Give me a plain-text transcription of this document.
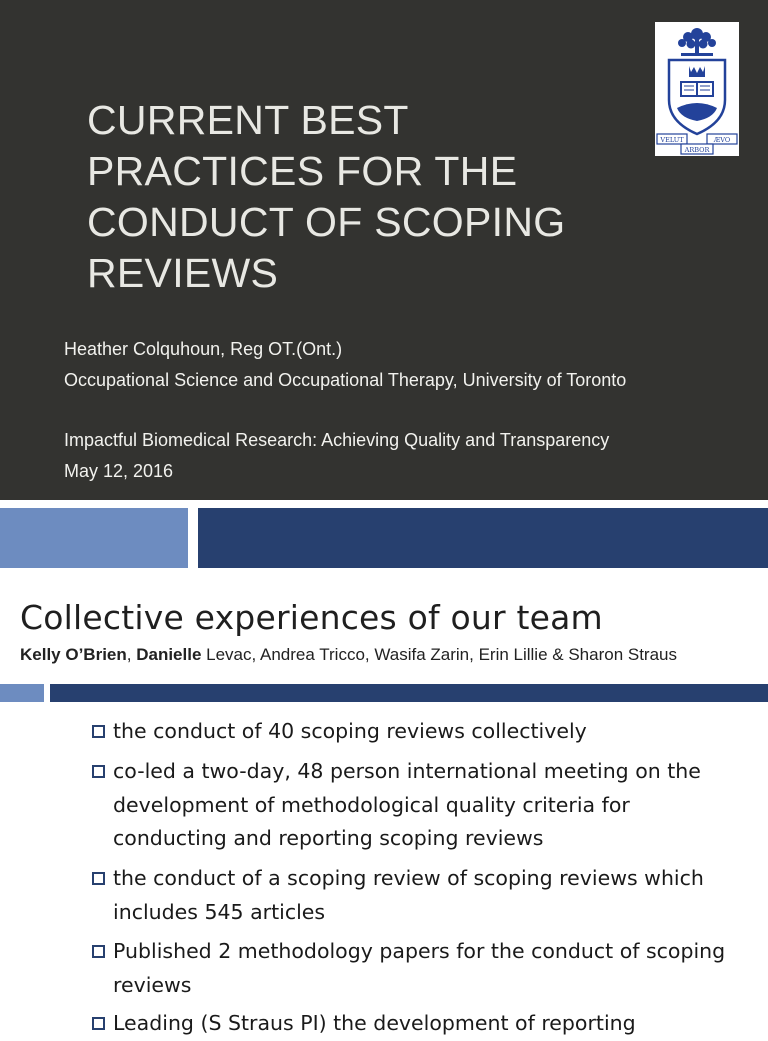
CURRENT BEST
PRACTICES FOR THE
CONDUCT OF SCOPING
REVIEWS
Heather Colquhoun, Reg OT.(Ont.)
Occupational Science and Occupational Therapy, University of Toronto
Impactful Biomedical Research: Achieving Quality and Transparency
May 12, 2016
VELUT	ÆVO
ARBOR
Collective experiences of our team
Kelly O’Brien, Danielle Levac, Andrea Tricco, Wasifa Zarin, Erin Lillie & Sharon Straus
the conduct of 40 scoping reviews collectively
co-led a two-day, 48 person international meeting on the development of methodological quality criteria for conducting and reporting scoping reviews
the conduct of a scoping review of scoping reviews which includes 545 articles
Published 2 methodology papers for the conduct of scoping reviews
Leading (S Straus PI) the development of reporting
